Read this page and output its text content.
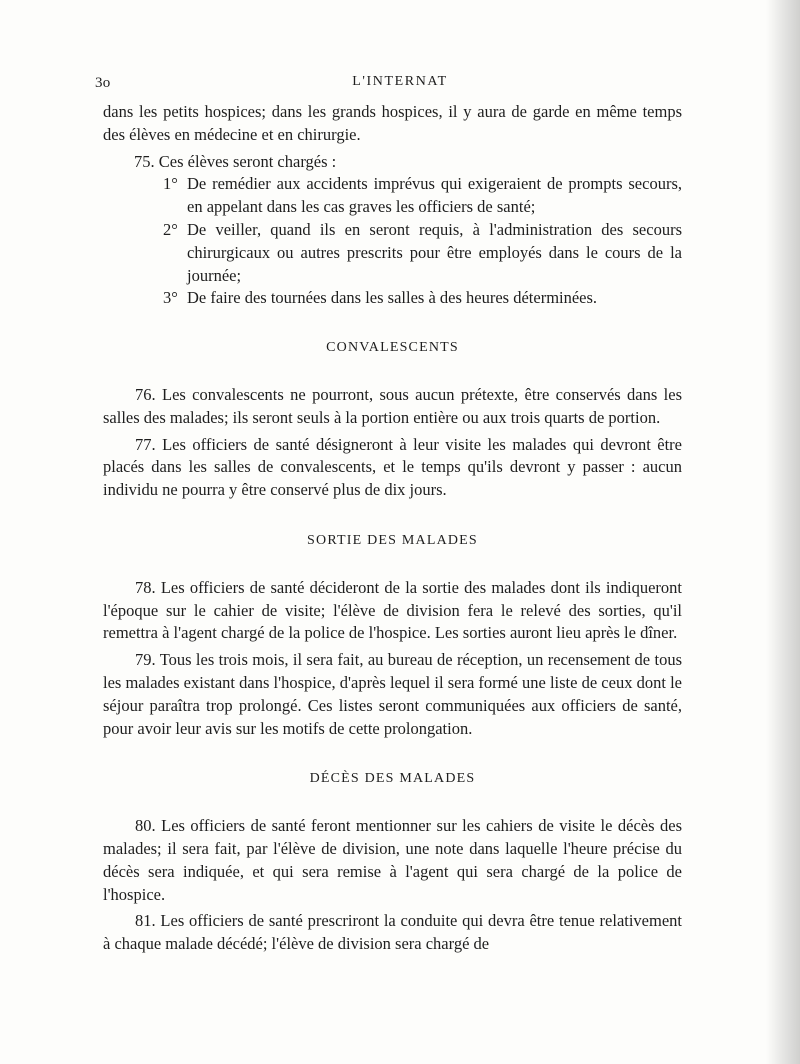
3o	L'INTERNAT

dans les petits hospices; dans les grands hospices, il y aura de garde en même temps des élèves en médecine et en chirurgie.

75. Ces élèves seront chargés :

1° De remédier aux accidents imprévus qui exigeraient de prompts secours, en appelant dans les cas graves les officiers de santé;

2° De veiller, quand ils en seront requis, à l'administration des secours chirurgicaux ou autres prescrits pour être employés dans le cours de la journée;

3° De faire des tournées dans les salles à des heures déterminées.

CONVALESCENTS

76. Les convalescents ne pourront, sous aucun prétexte, être conservés dans les salles des malades; ils seront seuls à la portion entière ou aux trois quarts de portion.

77. Les officiers de santé désigneront à leur visite les malades qui devront être placés dans les salles de convalescents, et le temps qu'ils devront y passer : aucun individu ne pourra y être conservé plus de dix jours.

SORTIE DES MALADES

78. Les officiers de santé décideront de la sortie des malades dont ils indiqueront l'époque sur le cahier de visite; l'élève de division fera le relevé des sorties, qu'il remettra à l'agent chargé de la police de l'hospice. Les sorties auront lieu après le dîner.

79. Tous les trois mois, il sera fait, au bureau de réception, un recensement de tous les malades existant dans l'hospice, d'après lequel il sera formé une liste de ceux dont le séjour paraîtra trop prolongé. Ces listes seront communiquées aux officiers de santé, pour avoir leur avis sur les motifs de cette prolongation.

DÉCÈS DES MALADES

80. Les officiers de santé feront mentionner sur les cahiers de visite le décès des malades; il sera fait, par l'élève de division, une note dans laquelle l'heure précise du décès sera indiquée, et qui sera remise à l'agent qui sera chargé de la police de l'hospice.

81. Les officiers de santé prescriront la conduite qui devra être tenue relativement à chaque malade décédé; l'élève de division sera chargé de
